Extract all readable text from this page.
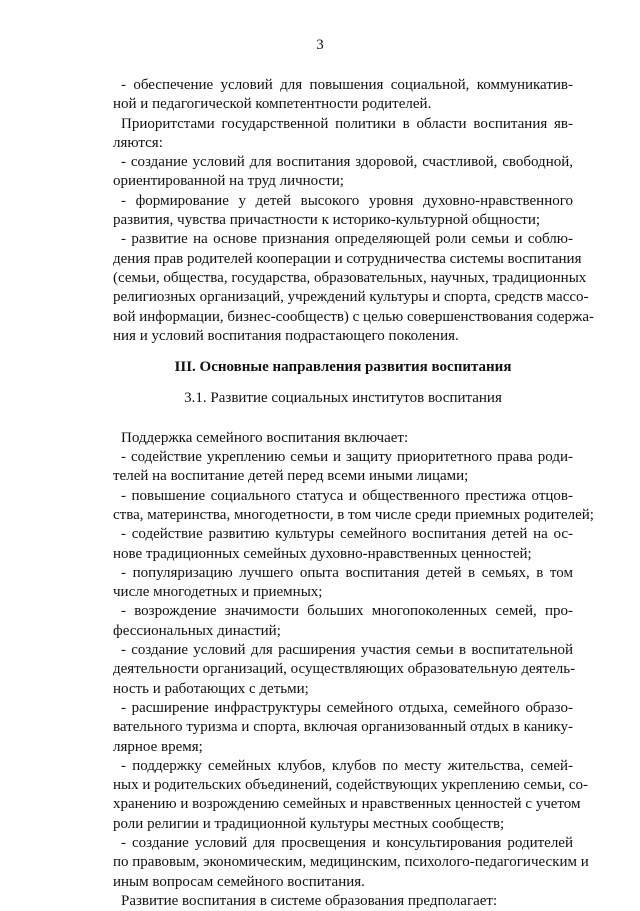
3
- обеспечение условий для повышения социальной, коммуникатив-
ной и педагогической компетентности родителей.
Приоритстами государственной политики в области воспитания яв-
ляются:
- создание условий для воспитания здоровой, счастливой, свободной,
ориентированной на труд личности;
- формирование у детей высокого уровня духовно-нравственного
развития, чувства причастности к историко-культурной общности;
- развитие на основе признания определяющей роли семьи и соблю-
дения прав родителей кооперации и сотрудничества системы воспитания
(семьи, общества, государства, образовательных, научных, традиционных
религиозных организаций, учреждений культуры и спорта, средств массо-
вой информации, бизнес-сообществ) с целью совершенствования содержа-
ния и условий воспитания подрастающего поколения.
III. Основные направления развития воспитания
3.1. Развитие социальных институтов воспитания
Поддержка семейного воспитания включает:
- содействие укреплению семьи и защиту приоритетного права роди-
телей на воспитание детей перед всеми иными лицами;
- повышение социального статуса и общественного престижа отцов-
ства, материнства, многодетности, в том числе среди приемных родителей;
- содействие развитию культуры семейного воспитания детей на ос-
нове традиционных семейных духовно-нравственных ценностей;
- популяризацию лучшего опыта воспитания детей в семьях, в том
числе многодетных и приемных;
- возрождение значимости больших многопоколенных семей, про-
фессиональных династий;
- создание условий для расширения участия семьи в воспитательной
деятельности организаций, осуществляющих образовательную деятель-
ность и работающих с детьми;
- расширение инфраструктуры семейного отдыха, семейного образо-
вательного туризма и спорта, включая организованный отдых в канику-
лярное время;
- поддержку семейных клубов, клубов по месту жительства, семей-
ных и родительских объединений, содействующих укреплению семьи, со-
хранению и возрождению семейных и нравственных ценностей с учетом
роли религии и традиционной культуры местных сообществ;
- создание условий для просвещения и консультирования родителей
по правовым, экономическим, медицинским, психолого-педагогическим и
иным вопросам семейного воспитания.
Развитие воспитания в системе образования предполагает:
